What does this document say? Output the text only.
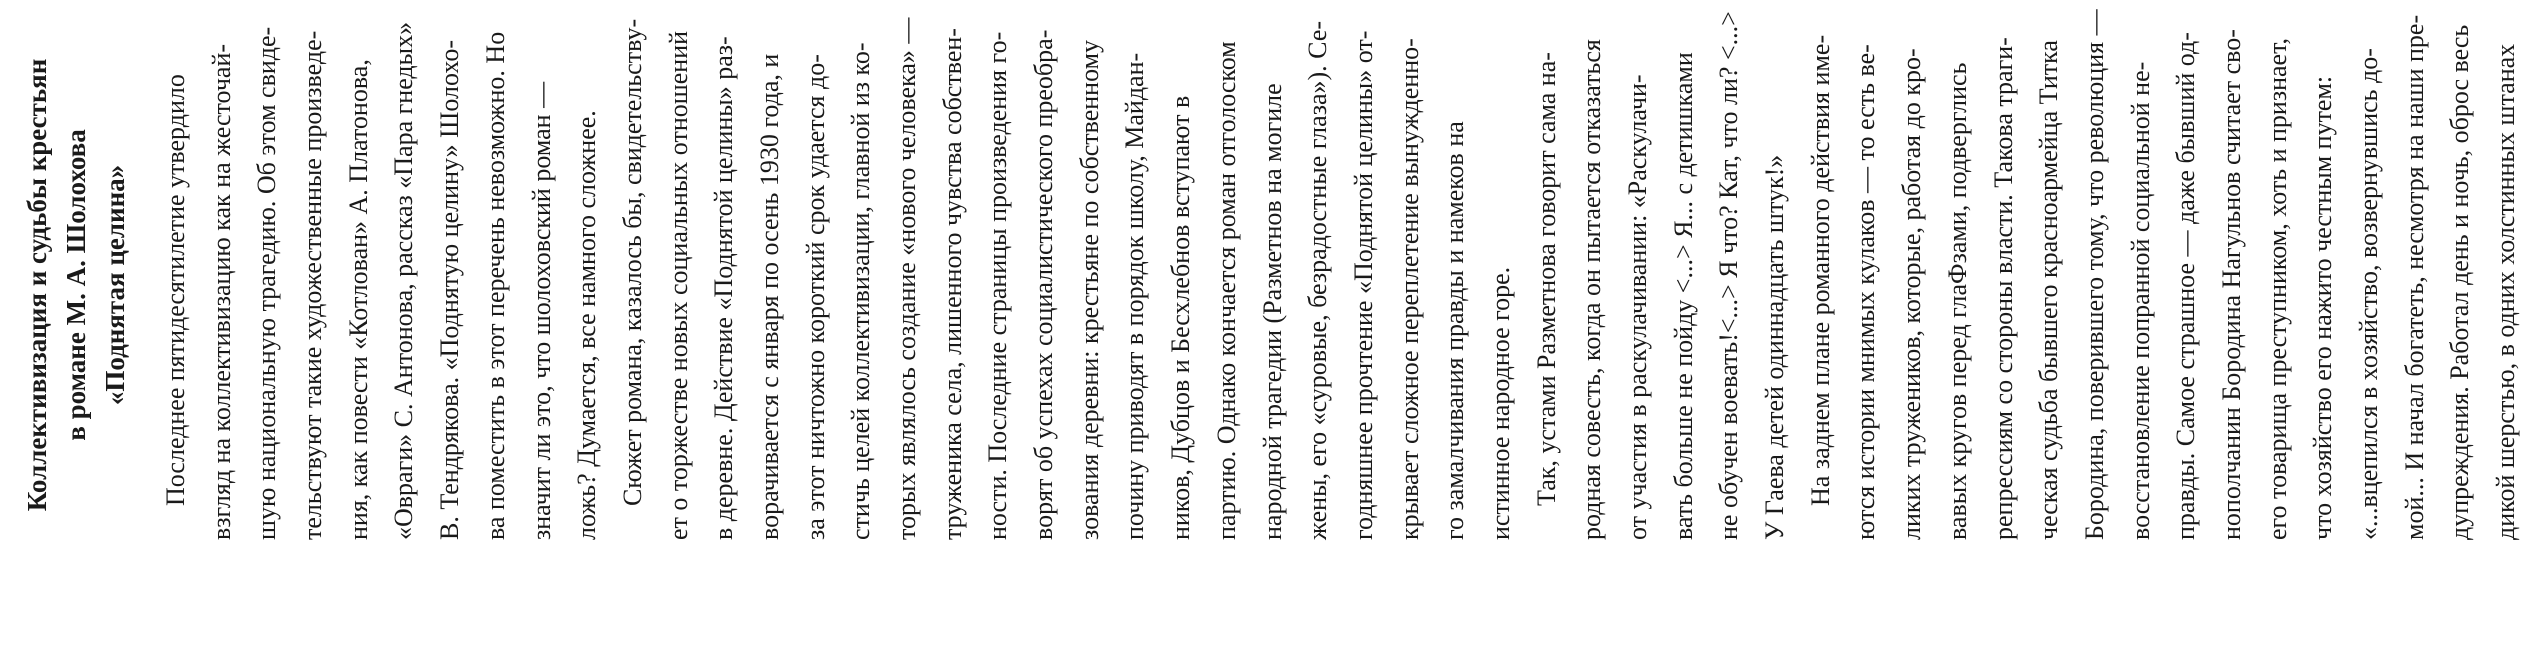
Коллективизация и судьбы крестьян в романе М. А. Шолохова «Поднятая целина»	Последнее пятидесятилетие утвердило взгляд на коллективизацию как на жесточай- шую национальную трагедию. Об этом свиде- тельствуют такие художественные произведе- ния, как повести «Котлован» А. Платонова, «Овраги» С. Антонова, рассказ «Пара гнедых» В. Тендрякова. «Поднятую целину» Шолохо- ва поместить в этот перечень невозможно. Но значит ли это, что шолоховский роман — ложь? Думается, все намного сложнее. Сюжет романа, казалось бы, свидетельству- ет о торжестве новых социальных отношений в деревне. Действие «Поднятой целины» раз- ворачивается с января по осень 1930 года, и за этот ничтожно короткий срок удается до- стичь целей коллективизации, главной из ко- торых являлось создание «нового человека» — труженика села, лишенного чувства собствен- ности. Последние страницы произведения го- ворят об успехах социалистического преобра- зования деревни: крестьяне по собственному почину приводят в порядок школу, Майдан- ников, Дубцов и Бесхлебнов вступают в партию. Однако кончается роман отголоском народной трагедии (Разметнов на могиле жены, его «суровые, безрадостные глаза»). Се- годняшнее прочтение «Поднятой целины» от- крывает сложное переплетение вынужденно- го замалчивания правды и намеков на истинное народное горе. Так, устами Разметнова говорит сама на- родная совесть, когда он пытается отказаться от участия в раскулачивании: «Раскулачи- вать больше не пойду <...> Я... с детишками не обучен воевать!<...> Я что? Кат, что ли? <...> У Гаева детей одиннадцать штук!» На заднем плане романного действия име- ются истории мнимых кулаков — то есть ве- ликих тружеников, которые, работая до кро- вавых кругов перед глаФзами, подверглись репрессиям со стороны власти. Такова траги- ческая судьба бывшего красноармейца Титка Бородина, поверившего тому, что революция — восстановление попранной социальной не- правды. Самое страшное — даже бывший од- нополчанин Бородина Нагульнов считает сво- его товарища преступником, хоть и признает, что хозяйство его нажито честным путем: «...вцепился в хозяйство, возвернувшись до- мой... И начал богатеть, несмотря на наши пре- дупреждения. Работал день и ночь, оброс весь дикой шерстью, в одних холстинных штанах
